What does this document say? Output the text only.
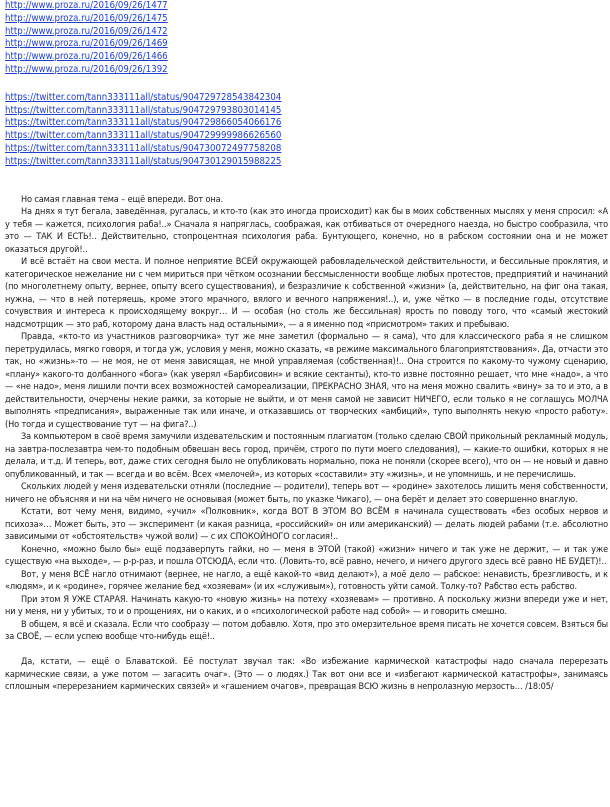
http://www.proza.ru/2016/09/26/1477
http://www.proza.ru/2016/09/26/1475
http://www.proza.ru/2016/09/26/1472
http://www.proza.ru/2016/09/26/1469
http://www.proza.ru/2016/09/26/1466
http://www.proza.ru/2016/09/26/1392
https://twitter.com/tann333111all/status/904729728543842304
https://twitter.com/tann333111all/status/904729793803014145
https://twitter.com/tann333111all/status/904729866054066176
https://twitter.com/tann333111all/status/904729999986626560
https://twitter.com/tann333111all/status/904730072497758208
https://twitter.com/tann333111all/status/904730129015988225

Но самая главная тема – ещё впереди. Вот она.

На днях я тут бегала, заведённая, ругалась, и кто-то (как это иногда происходит) как бы в моих собственных мыслях у меня спросил: «А у тебя — кажется, психология раба!..» Сначала я напряглась, соображая, как отбиваться от очередного наезда, но быстро сообразила, что это — ТАК И ЕСТЬ!.. Действительно, стопроцентная психология раба. Бунтующего, конечно, но в рабском состоянии она и не может оказаться другой!..

И всё встаёт на свои места. И полное неприятие ВСЕЙ окружающей рабовладельческой действительности, и бессильные проклятия, и категорическое нежелание ни с чем мириться при чётком осознании бессмысленности вообще любых протестов, предприятий и начинаний (по многолетнему опыту, вернее, опыту всего существования), и безразличие к собственной «жизни» (а, действительно, на фиг она такая, нужна, — что в ней потеряешь, кроме этого мрачного, вялого и вечного напряжения!..), и, уже чётко — в последние годы, отсутствие сочувствия и интереса к происходящему вокруг… И — особая (но столь же бессильная) ярость по поводу того, что «самый жестокий надсмотрщик — это раб, которому дана власть над остальными», — а я именно под «присмотром» таких и пребываю.

Правда, «кто-то из участников разговорчика» тут же мне заметил (формально — я сама), что для классического раба я не слишком перетрудилась, мягко говоря, и тогда уж, условия у меня, можно сказать, «в режиме максимального благоприятствования». Да, отчасти это так, но «жизнь»-то — не моя, не от меня зависящая, не мной управляемая (собственная)!.. Она строится по какому-то чужому сценарию, «плану» какого-то долбанного «бога» (как уверял «Барбисовин» и всякие сектанты), кто-то извне постоянно решает, что мне «надо», а что — «не надо», меня лишили почти всех возможностей самореализации, ПРЕКРАСНО ЗНАЯ, что на меня можно свалить «вину» за то и это, а в действительности, очерчены некие рамки, за которые не выйти, и от меня самой не зависит НИЧЕГО, если только я не соглашусь МОЛЧА выполнять «предписания», выраженные так или иначе, и отказавшись от творческих «амбиций», тупо выполнять некую «просто работу». (Но тогда и существование тут — на фига?..)

За компьютером в своё время замучили издевательским и постоянным плагиатом (только сделаю СВОЙ прикольный рекламный модуль, на завтра-послезавтра чем-то подобным обвешан весь город, причём, строго по пути моего следования), — какие-то ошибки, которых я не делала, и т.д. И теперь, вот, даже стих сегодня было не опубликовать нормально, пока не поняли (скорее всего), что он — не новый и давно опубликованный, и так — всегда и во всём. Всех «мелочей», из которых «составили» эту «жизнь», и не упомнишь, и не перечислишь.

Скольких людей у меня издевательски отняли (последние — родители), теперь вот — «родине» захотелось лишить меня собственности, ничего не объясняя и ни на чём ничего не основывая (может быть, по указке Чикаго), — она берёт и делает это совершенно внаглую.

Кстати, вот чему меня, видимо, «учил» «Полковник», когда ВОТ В ЭТОМ ВО ВСЁМ я начинала существовать «без особых нервов и психоза»… Может быть, это — эксперимент (и какая разница, «российский» он или американский) — делать людей рабами (т.е. абсолютно зависимыми от «обстоятельств» чужой воли) — с их СПОКОЙНОГО согласия!..

Конечно, «можно было бы» ещё подзаверпуть гайки, но — меня в ЭТОЙ (такой) «жизни» ничего и так уже не держит, — и так уже существую «на выходе», — р-р-раз, и пошла ОТСЮДА, если что. (Ловить-то, всё равно, нечего, и ничего другого здесь всё равно НЕ БУДЕТ)!..

Вот, у меня ВСЁ нагло отнимают (вернее, не нагло, а ещё какой-то «вид делают»), а моё дело — рабское: ненависть, брезгливость, и к «людям», и к «родине», горячее желание бед «хозяевам» (и их «служивым»), готовность уйти самой. Толку-то? Рабство есть рабство.

При этом Я УЖЕ СТАРАЯ. Начинать какую-то «новую жизнь» на потеху «хозяевам» — противно. А поскольку жизни впереди уже и нет, ни у меня, ни у убитых, то и о прощениях, ни о каких, и о «психологической работе над собой» — и говорить смешно.

В общем, я всё и сказала. Если что сообразу — потом добавлю. Хотя, про это омерзительное время писать не хочется совсем. Взяться бы за СВОЁ, — если успею вообще что-нибудь ещё!..

Да, кстати, — ещё о Блаватской. Её постулат звучал так: «Во избежание кармической катастрофы надо сначала перерезать кармические связи, а уже потом — загасить очаг». (Это — о людях.) Так вот они все и «избегают кармической катастрофы», занимаясь сплошным «перерезанием кармических связей» и «гашением очагов», превращая ВСЮ жизнь в непролазную мерзость… /18:05/
